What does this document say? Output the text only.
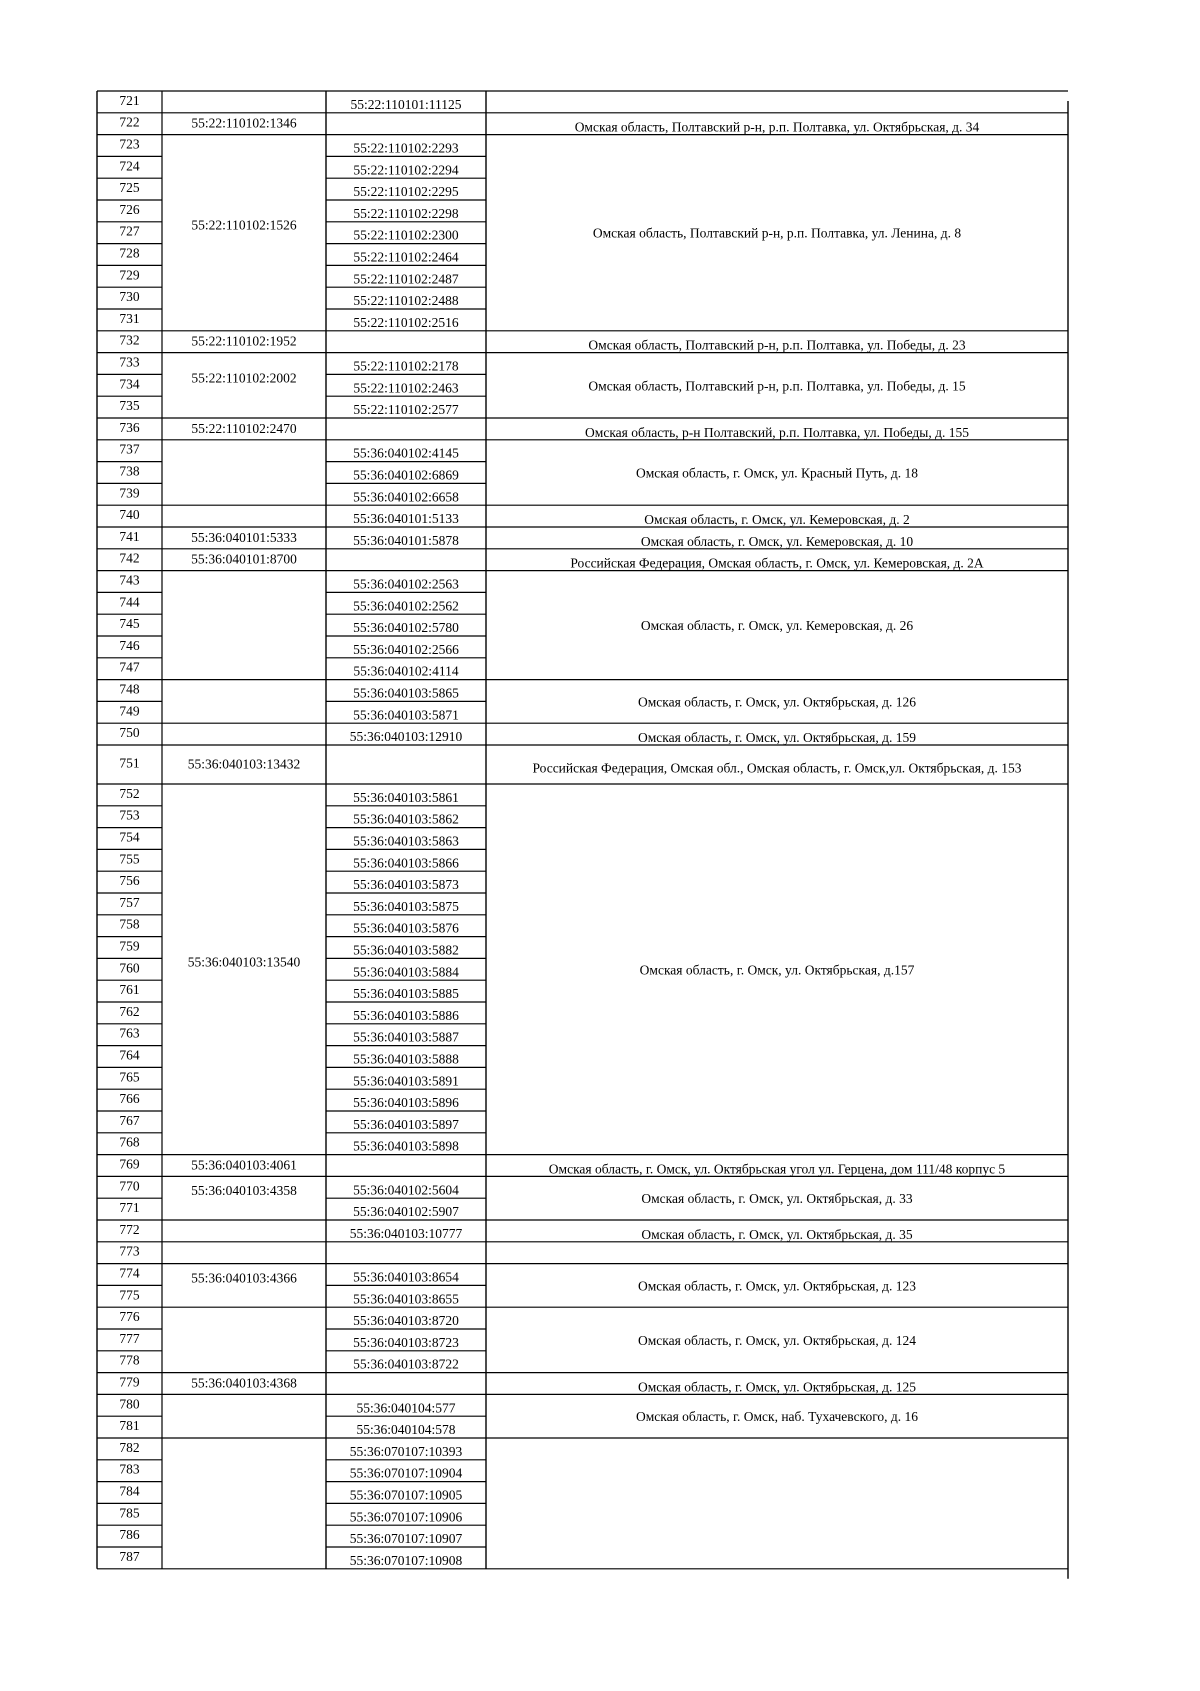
55:22:110102:1346
55:22:110102:1526
55:22:110102:1952
55:22:110102:2002
55:22:110102:2470
55:36:040101:5333
55:36:040101:8700
55:36:040103:13432
55:36:040103:13540
55:36:040103:4061
55:36:040103:4358
55:36:040103:4366
55:36:040103:4368
55:22:110101:11125
55:22:110102:2293
55:22:110102:2294
55:22:110102:2295
55:22:110102:2298
55:22:110102:2300
55:22:110102:2464
55:22:110102:2487
55:22:110102:2488
55:22:110102:2516
55:22:110102:2178
55:22:110102:2463
55:22:110102:2577
55:36:040102:4145
55:36:040102:6869
55:36:040102:6658
55:36:040101:5133
55:36:040101:5878
55:36:040102:2563
55:36:040102:2562
55:36:040102:5780
55:36:040102:2566
55:36:040102:4114
55:36:040103:5865
55:36:040103:5871
55:36:040103:12910
55:36:040103:5861
55:36:040103:5862
55:36:040103:5863
55:36:040103:5866
55:36:040103:5873
55:36:040103:5875
55:36:040103:5876
55:36:040103:5882
55:36:040103:5884
55:36:040103:5885
55:36:040103:5886
55:36:040103:5887
55:36:040103:5888
55:36:040103:5891
55:36:040103:5896
55:36:040103:5897
55:36:040103:5898
55:36:040102:5604
55:36:040102:5907
55:36:040103:10777
55:36:040103:8654
55:36:040103:8655
55:36:040103:8720
55:36:040103:8723
55:36:040103:8722
55:36:040104:577
55:36:040104:578
55:36:070107:10393
55:36:070107:10904
55:36:070107:10905
55:36:070107:10906
55:36:070107:10907
55:36:070107:10908
Омская область, Полтавский р-н, р.п. Полтавка, ул. Октябрьская, д. 34
Омская область, Полтавский р-н, р.п. Полтавка, ул. Ленина, д. 8
Омская область, Полтавский р-н, р.п. Полтавка, ул. Победы, д. 23
Омская область, Полтавский р-н, р.п. Полтавка, ул. Победы, д. 15
Омская область, р-н Полтавский, р.п. Полтавка, ул. Победы, д. 155
Омская область, г. Омск, ул. Красный Путь, д. 18
Омская область, г. Омск, ул. Кемеровская, д. 2
Омская область, г. Омск, ул. Кемеровская, д. 10
Российская Федерация, Омская область, г. Омск, ул. Кемеровская, д. 2А
Омская область, г. Омск, ул. Кемеровская, д. 26
Омская область, г. Омск, ул. Октябрьская, д. 126
Омская область, г. Омск, ул. Октябрьская, д. 159
Российская Федерация, Омская обл., Омская область, г. Омск,ул. Октябрьская, д. 153
Омская область, г. Омск, ул. Октябрьская, д.157
Омская область, г. Омск, ул. Октябрьская угол ул. Герцена, дом 111/48 корпус 5
Омская область, г. Омск, ул. Октябрьская, д. 33
Омская область, г. Омск, ул. Октябрьская, д. 35
Омская область, г. Омск, ул. Октябрьская, д. 123
Омская область, г. Омск, ул. Октябрьская, д. 124
Омская область, г. Омск, ул. Октябрьская, д. 125
Омская область, г. Омск, наб. Тухачевского, д. 16
721
722
723
724
725
726
727
728
729
730
731
732
733
734
735
736
737
738
739
740
741
742
743
744
745
746
747
748
749
750
751
752
753
754
755
756
757
758
759
760
761
762
763
764
765
766
767
768
769
770
771
772
773
774
775
776
777
778
779
780
781
782
783
784
785
786
787
